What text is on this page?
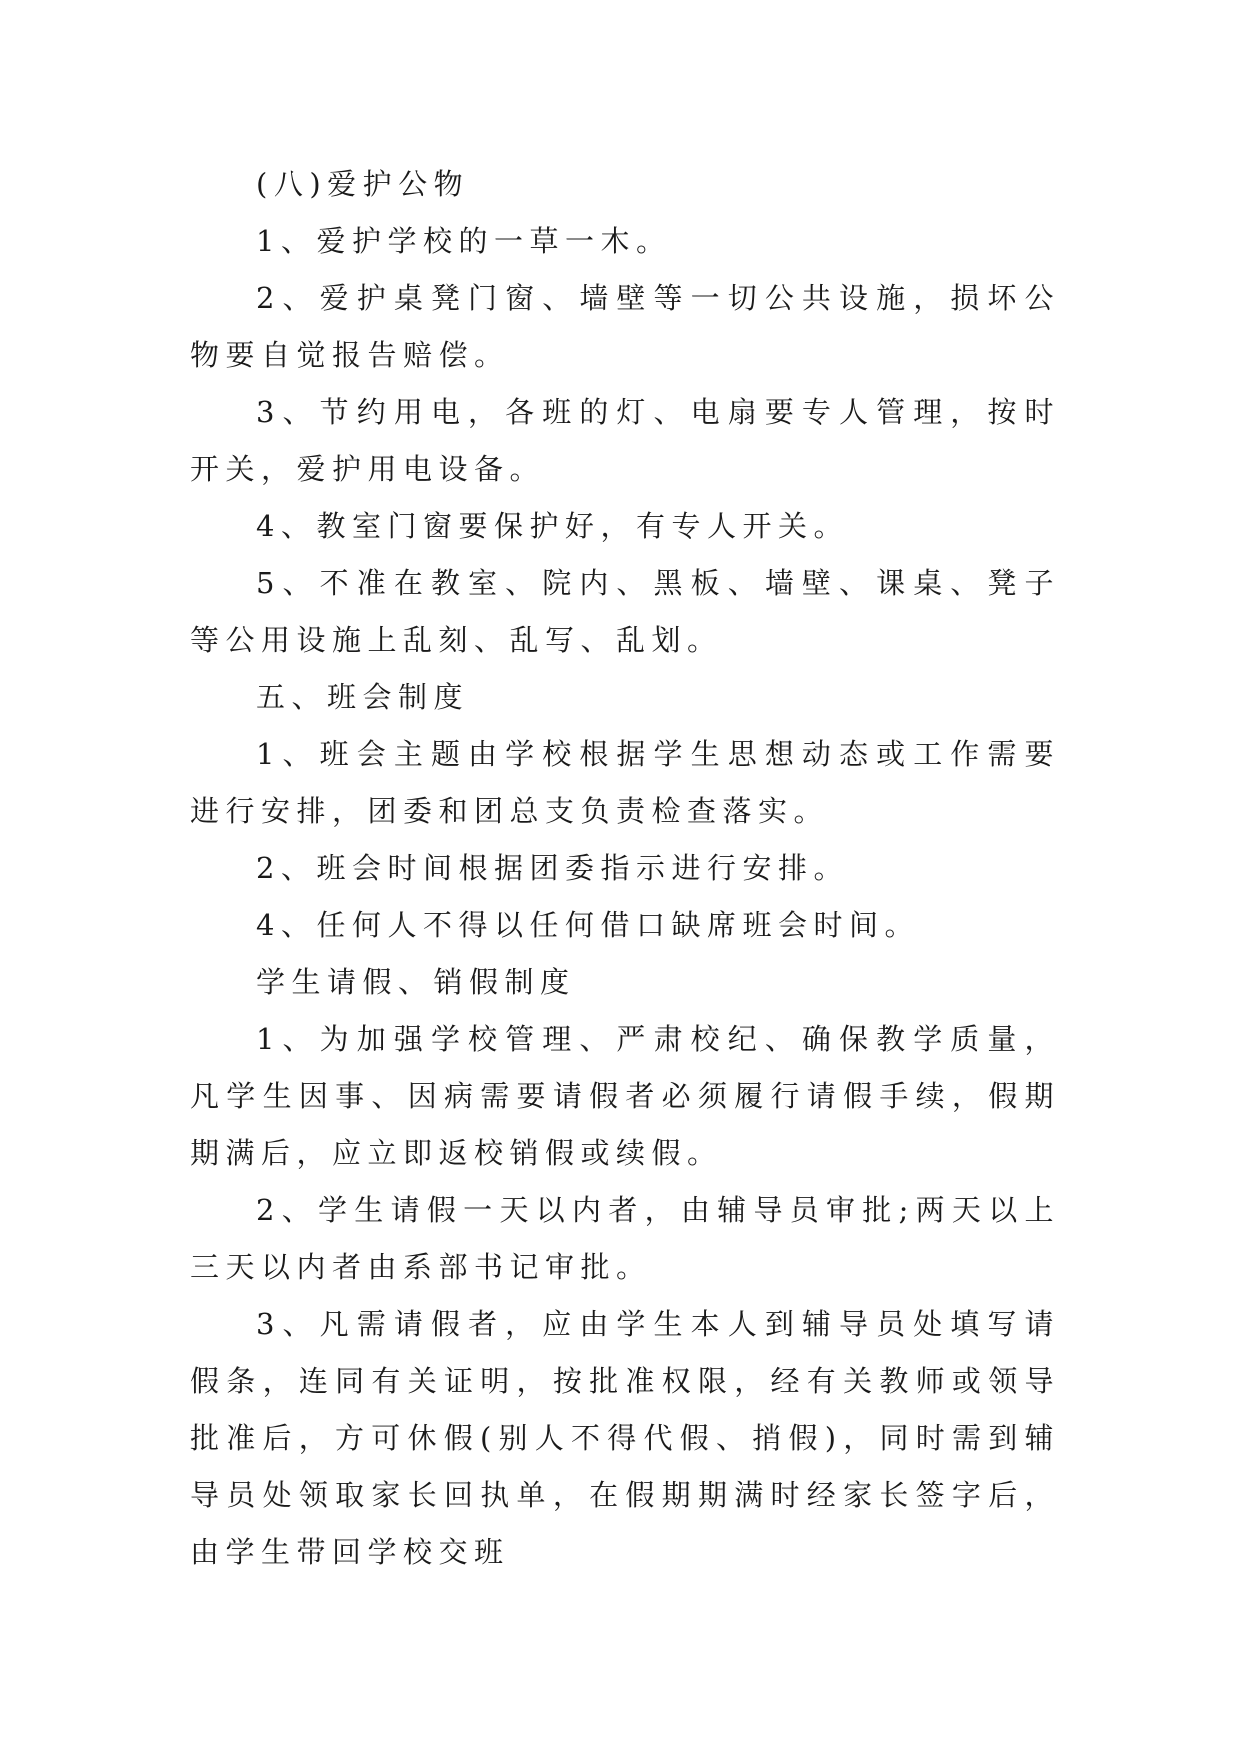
(八)爱护公物

1、爱护学校的一草一木。

2、爱护桌凳门窗、墙壁等一切公共设施，损坏公物要自觉报告赔偿。

3、节约用电，各班的灯、电扇要专人管理，按时开关，爱护用电设备。

4、教室门窗要保护好，有专人开关。

5、不准在教室、院内、黑板、墙壁、课桌、凳子等公用设施上乱刻、乱写、乱划。

五、班会制度

1、班会主题由学校根据学生思想动态或工作需要进行安排，团委和团总支负责检查落实。

2、班会时间根据团委指示进行安排。

4、任何人不得以任何借口缺席班会时间。

学生请假、销假制度

1、为加强学校管理、严肃校纪、确保教学质量，凡学生因事、因病需要请假者必须履行请假手续，假期期满后，应立即返校销假或续假。

2、学生请假一天以内者，由辅导员审批;两天以上三天以内者由系部书记审批。

3、凡需请假者，应由学生本人到辅导员处填写请假条，连同有关证明，按批准权限，经有关教师或领导批准后，方可休假(别人不得代假、捎假)，同时需到辅导员处领取家长回执单，在假期期满时经家长签字后，由学生带回学校交班
